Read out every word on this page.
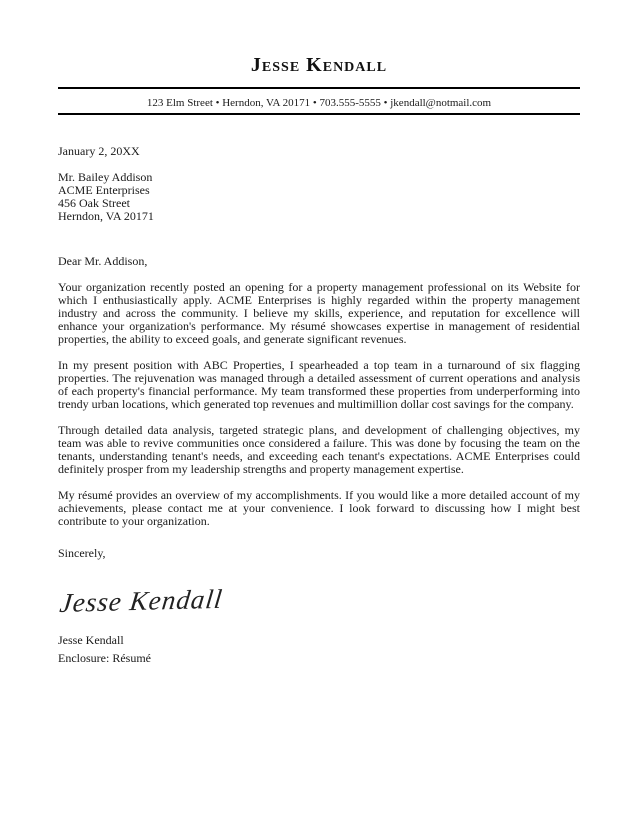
Jesse Kendall
123 Elm Street • Herndon, VA 20171 • 703.555-5555 • jkendall@notmail.com
January 2, 20XX
Mr. Bailey Addison
ACME Enterprises
456 Oak Street
Herndon, VA 20171
Dear Mr. Addison,

Your organization recently posted an opening for a property management professional on its Website for which I enthusiastically apply. ACME Enterprises is highly regarded within the property management industry and across the community. I believe my skills, experience, and reputation for excellence will enhance your organization's performance. My résumé showcases expertise in management of residential properties, the ability to exceed goals, and generate significant revenues.

In my present position with ABC Properties, I spearheaded a top team in a turnaround of six flagging properties. The rejuvenation was managed through a detailed assessment of current operations and analysis of each property's financial performance. My team transformed these properties from underperforming into trendy urban locations, which generated top revenues and multimillion dollar cost savings for the company.

Through detailed data analysis, targeted strategic plans, and development of challenging objectives, my team was able to revive communities once considered a failure. This was done by focusing the team on the tenants, understanding tenant's needs, and exceeding each tenant's expectations. ACME Enterprises could definitely prosper from my leadership strengths and property management expertise.

My résumé provides an overview of my accomplishments. If you would like a more detailed account of my achievements, please contact me at your convenience. I look forward to discussing how I might best contribute to your organization.

Sincerely,
Jesse Kendall
Jesse Kendall
Enclosure: Résumé
